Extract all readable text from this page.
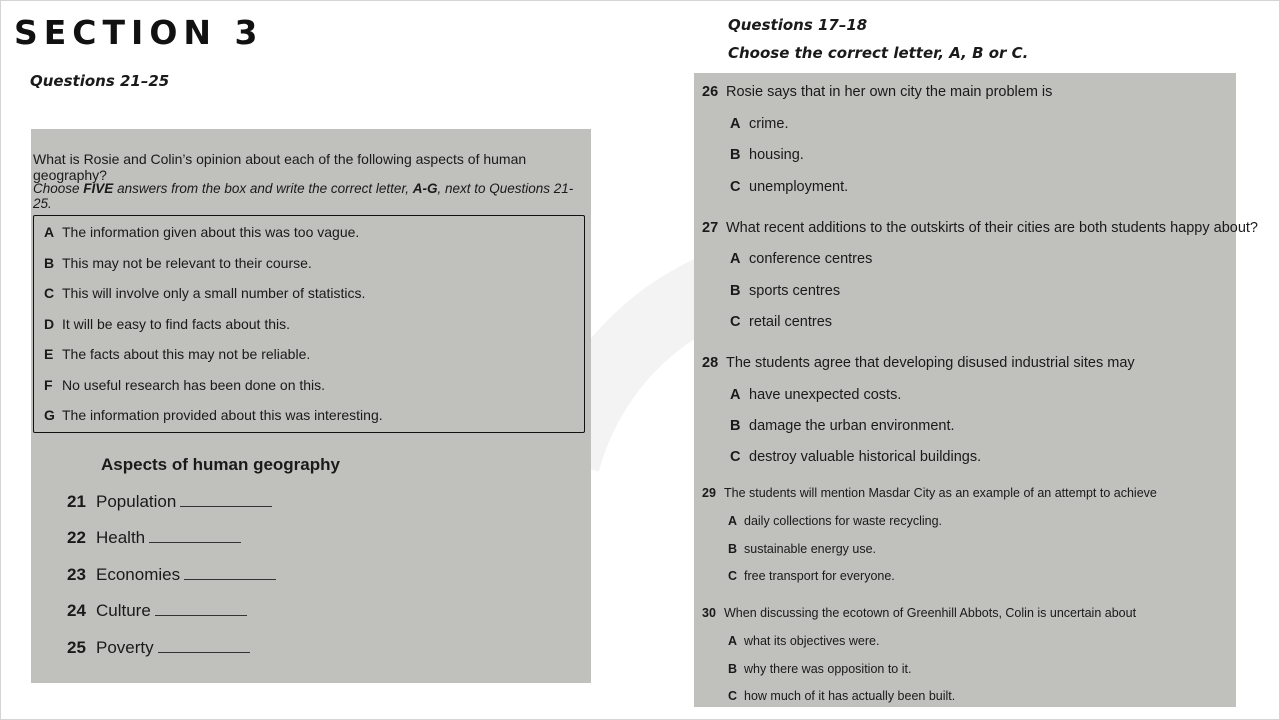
SECTION 3
Questions 21–25
Questions 17–18
Choose the correct letter, A, B or C.
What is Rosie and Colin’s opinion about each of the following aspects of human geography?
Choose FIVE answers from the box and write the correct letter, A-G, next to Questions 21-25.
A The information given about this was too vague.
B This may not be relevant to their course.
C This will involve only a small number of statistics.
D It will be easy to find facts about this.
E The facts about this may not be reliable.
F No useful research has been done on this.
G The information provided about this was interesting.
Aspects of human geography
21 Population
22 Health
23 Economies
24 Culture
25 Poverty
26 Rosie says that in her own city the main problem is
A crime.
B housing.
C unemployment.
27 What recent additions to the outskirts of their cities are both students happy about?
A conference centres
B sports centres
C retail centres
28 The students agree that developing disused industrial sites may
A have unexpected costs.
B damage the urban environment.
C destroy valuable historical buildings.
29 The students will mention Masdar City as an example of an attempt to achieve
A daily collections for waste recycling.
B sustainable energy use.
C free transport for everyone.
30 When discussing the ecotown of Greenhill Abbots, Colin is uncertain about
A what its objectives were.
B why there was opposition to it.
C how much of it has actually been built.
